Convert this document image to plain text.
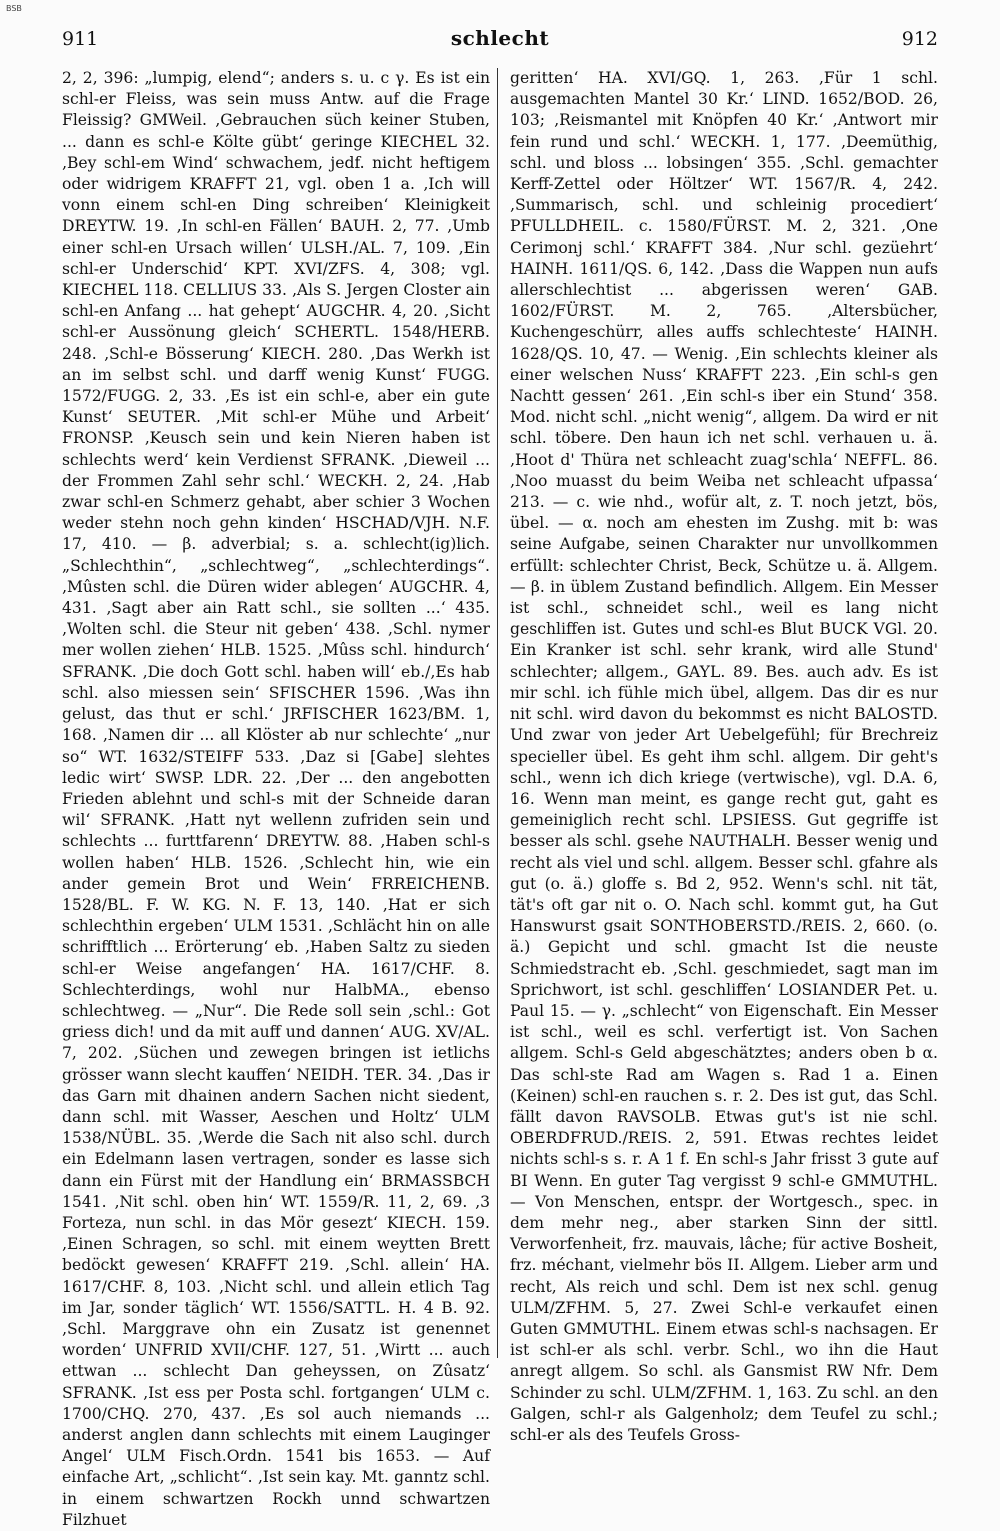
BSB
911	schlecht	912

2, 2, 396: „lumpig, elend“; anders s. u. c γ. Es ist ein schl-er Fleiss, was sein muss Antw. auf die Frage Fleissig? GMWeil. ‚Gebrauchen süch keiner Stuben, ... dann es schl-e Költe gübt‘ geringe KIECHEL 32. ‚Bey schl-em Wind‘ schwachem, jedf. nicht heftigem oder widrigem KRAFFT 21, vgl. oben 1 a. ‚Ich will vonn einem schl-en Ding schreiben‘ Kleinigkeit DREYTW. 19. ‚In schl-en Fällen‘ BAUH. 2, 77. ‚Umb einer schl-en Ursach willen‘ ULSH./AL. 7, 109. ‚Ein schl-er Underschid‘ KPT. XVI/ZFS. 4, 308; vgl. KIECHEL 118. CELLIUS 33. ‚Als S. Jergen Closter ain schl-en Anfang ... hat gehept‘ AUGCHR. 4, 20. ‚Sicht schl-er Aussönung gleich‘ SCHERTL. 1548/HERB. 248. ‚Schl-e Bösserung‘ KIECH. 280. ‚Das Werkh ist an im selbst schl. und darff wenig Kunst‘ FUGG. 1572/FUGG. 2, 33. ‚Es ist ein schl-e, aber ein gute Kunst‘ SEUTER. ‚Mit schl-er Mühe und Arbeit‘ FRONSP. ‚Keusch sein und kein Nieren haben ist schlechts werd‘ kein Verdienst SFRANK. ‚Dieweil ... der Frommen Zahl sehr schl.‘ WECKH. 2, 24. ‚Hab zwar schl-en Schmerz gehabt, aber schier 3 Wochen weder stehn noch gehn kinden‘ HSCHAD/VJH. N.F. 17, 410. — β. adverbial; s. a. schlecht(ig)lich. „Schlechthin“, „schlechtweg“, „schlechterdings“. ‚Mûsten schl. die Düren wider ablegen‘ AUGCHR. 4, 431. ‚Sagt aber ain Ratt schl., sie sollten ...‘ 435. ‚Wolten schl. die Steur nit geben‘ 438. ‚Schl. nymer mer wollen ziehen‘ HLB. 1525. ‚Mûss schl. hindurch‘ SFRANK. ‚Die doch Gott schl. haben will‘ eb./‚Es hab schl. also miessen sein‘ SFISCHER 1596. ‚Was ihn gelust, das thut er schl.‘ JRFISCHER 1623/BM. 1, 168. ‚Namen dir ... all Klöster ab nur schlechte‘ „nur so“ WT. 1632/STEIFF 533. ‚Daz si [Gabe] slehtes ledic wirt‘ SWSP. LDR. 22. ‚Der ... den angebotten Frieden ablehnt und schl-s mit der Schneide daran wil‘ SFRANK. ‚Hatt nyt wellenn zufriden sein und schlechts ... furttfarenn‘ DREYTW. 88. ‚Haben schl-s wollen haben‘ HLB. 1526. ‚Schlecht hin, wie ein ander gemein Brot und Wein‘ FRREICHENB. 1528/BL. F. W. KG. N. F. 13, 140. ‚Hat er sich schlechthin ergeben‘ ULM 1531. ‚Schlächt hin on alle schrifftlich ... Erörterung‘ eb. ‚Haben Saltz zu sieden schl-er Weise angefangen‘ HA. 1617/CHF. 8. Schlechterdings, wohl nur HalbMA., ebenso schlechtweg. — „Nur“. Die Rede soll sein ‚schl.: Got griess dich! und da mit auff und dannen‘ AUG. XV/AL. 7, 202. ‚Süchen und zewegen bringen ist ietlichs grösser wann slecht kauffen‘ NEIDH. TER. 34. ‚Das ir das Garn mit dhainen andern Sachen nicht siedent, dann schl. mit Wasser, Aeschen und Holtz‘ ULM 1538/NÜBL. 35. ‚Werde die Sach nit also schl. durch ein Edelmann lasen vertragen, sonder es lasse sich dann ein Fürst mit der Handlung ein‘ BRMASSBCH 1541. ‚Nit schl. oben hin‘ WT. 1559/R. 11, 2, 69. ‚3 Forteza, nun schl. in das Mör gesezt‘ KIECH. 159. ‚Einen Schragen, so schl. mit einem weytten Brett bedöckt gewesen‘ KRAFFT 219. ‚Schl. allein‘ HA. 1617/CHF. 8, 103. ‚Nicht schl. und allein etlich Tag im Jar, sonder täglich‘ WT. 1556/SATTL. H. 4 B. 92. ‚Schl. Marggrave ohn ein Zusatz ist genennet worden‘ UNFRID XVII/CHF. 127, 51. ‚Wirtt ... auch ettwan ... schlecht Dan geheyssen, on Zûsatz‘ SFRANK. ‚Ist ess per Posta schl. fortgangen‘ ULM c. 1700/CHQ. 270, 437. ‚Es sol auch niemands ... anderst anglen dann schlechts mit einem Lauginger Angel‘ ULM Fisch.Ordn. 1541 bis 1653. — Auf einfache Art, „schlicht“. ‚Ist sein kay. Mt. ganntz schl. in einem schwartzen Rockh unnd schwartzen Filzhuet

geritten‘ HA. XVI/GQ. 1, 263. ‚Für 1 schl. ausgemachten Mantel 30 Kr.‘ LIND. 1652/BOD. 26, 103; ‚Reismantel mit Knöpfen 40 Kr.‘ ‚Antwort mir fein rund und schl.‘ WECKH. 1, 177. ‚Deemüthig, schl. und bloss ... lobsingen‘ 355. ‚Schl. gemachter Kerff-Zettel oder Höltzer‘ WT. 1567/R. 4, 242. ‚Summarisch, schl. und schleinig procediert‘ PFULLDHEIL. c. 1580/FÜRST. M. 2, 321. ‚One Cerimonj schl.‘ KRAFFT 384. ‚Nur schl. gezüehrt‘ HAINH. 1611/QS. 6, 142. ‚Dass die Wappen nun aufs allerschlechtist ... abgerissen weren‘ GAB. 1602/FÜRST. M. 2, 765. ‚Altersbücher, Kuchengeschürr, alles auffs schlechteste‘ HAINH. 1628/QS. 10, 47. — Wenig. ‚Ein schlechts kleiner als einer welschen Nuss‘ KRAFFT 223. ‚Ein schl-s gen Nachtt gessen‘ 261. ‚Ein schl-s iber ein Stund‘ 358. Mod. nicht schl. „nicht wenig“, allgem. Da wird er nit schl. töbere. Den haun ich net schl. verhauen u. ä. ‚Hoot d' Thüra net schleacht zuag'schla‘ NEFFL. 86. ‚Noo muasst du beim Weiba net schleacht ufpassa‘ 213. — c. wie nhd., wofür alt, z. T. noch jetzt, bös, übel. — α. noch am ehesten im Zushg. mit b: was seine Aufgabe, seinen Charakter nur unvollkommen erfüllt: schlechter Christ, Beck, Schütze u. ä. Allgem. — β. in üblem Zustand befindlich. Allgem. Ein Messer ist schl., schneidet schl., weil es lang nicht geschliffen ist. Gutes und schl-es Blut BUCK VGl. 20. Ein Kranker ist schl. sehr krank, wird alle Stund' schlechter; allgem., GAYL. 89. Bes. auch adv. Es ist mir schl. ich fühle mich übel, allgem. Das dir es nur nit schl. wird davon du bekommst es nicht BALOSTD. Und zwar von jeder Art Uebelgefühl; für Brechreiz specieller übel. Es geht ihm schl. allgem. Dir geht's schl., wenn ich dich kriege (vertwische), vgl. D.A. 6, 16. Wenn man meint, es gange recht gut, gaht es gemeiniglich recht schl. LPSIESS. Gut gegriffe ist besser als schl. gsehe NAUTHALH. Besser wenig und recht als viel und schl. allgem. Besser schl. gfahre als gut (o. ä.) gloffe s. Bd 2, 952. Wenn's schl. nit tät, tät's oft gar nit o. O. Nach schl. kommt gut, ha Gut Hanswurst gsait SONTHOBERSTD./REIS. 2, 660. (o. ä.) Gepicht und schl. gmacht Ist die neuste Schmiedstracht eb. ‚Schl. geschmiedet, sagt man im Sprichwort, ist schl. geschliffen‘ LOSIANDER Pet. u. Paul 15. — γ. „schlecht“ von Eigenschaft. Ein Messer ist schl., weil es schl. verfertigt ist. Von Sachen allgem. Schl-s Geld abgeschätztes; anders oben b α. Das schl-ste Rad am Wagen s. Rad 1 a. Einen (Keinen) schl-en rauchen s. r. 2. Des ist gut, das Schl. fällt davon RAVSOLB. Etwas gut's ist nie schl. OBERDFRUD./REIS. 2, 591. Etwas rechtes leidet nichts schl-s s. r. A 1 f. En schl-s Jahr frisst 3 gute auf BI Wenn. En guter Tag vergisst 9 schl-e GMMUTHL. — Von Menschen, entspr. der Wortgesch., spec. in dem mehr neg., aber starken Sinn der sittl. Verworfenheit, frz. mauvais, lâche; für active Bosheit, frz. méchant, vielmehr bös II. Allgem. Lieber arm und recht, Als reich und schl. Dem ist nex schl. genug ULM/ZFHM. 5, 27. Zwei Schl-e verkaufet einen Guten GMMUTHL. Einem etwas schl-s nachsagen. Er ist schl-er als schl. verbr. Schl., wo ihn die Haut anregt allgem. So schl. als Gansmist RW Nfr. Dem Schinder zu schl. ULM/ZFHM. 1, 163. Zu schl. an den Galgen, schl-r als Galgenholz; dem Teufel zu schl.; schl-er als des Teufels Gross-
